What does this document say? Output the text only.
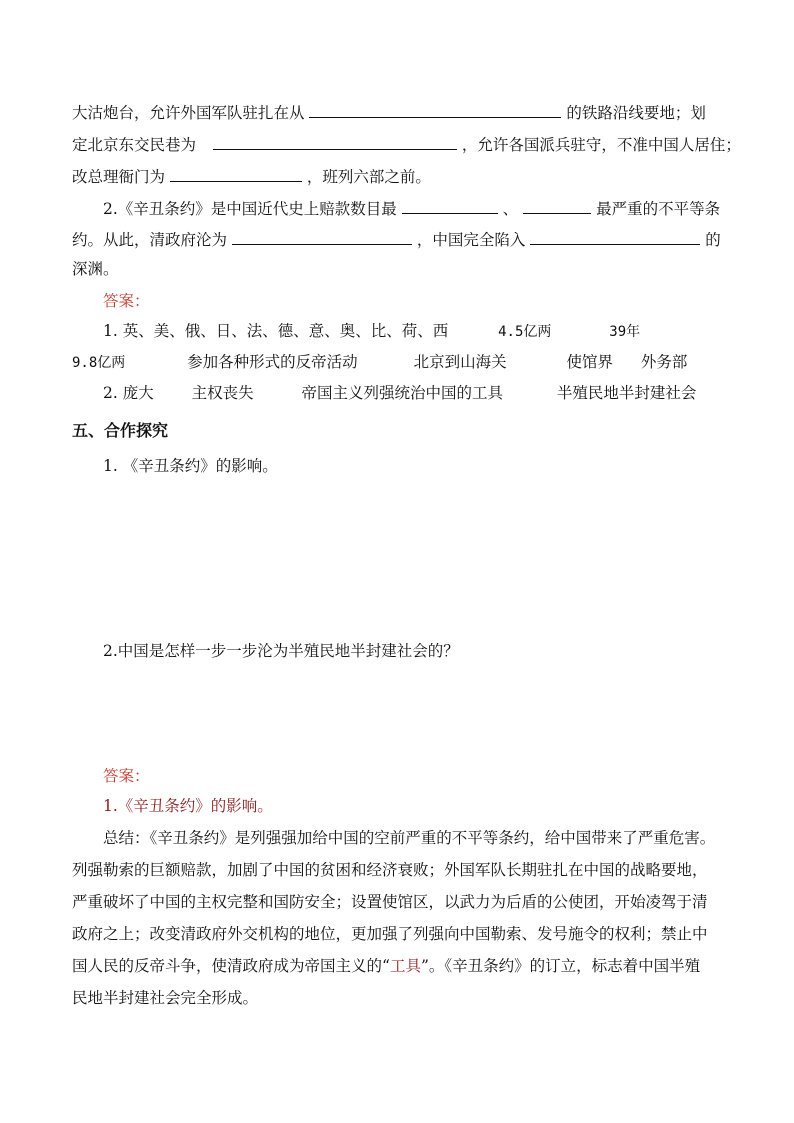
大沽炮台，允许外国军队驻扎在从	的铁路沿线要地；划
定北京东交民巷为	，允许各国派兵驻守，不准中国人居住；
改总理衙门为	，班列六部之前。
2.《辛丑条约》是中国近代史上赔款数目最	、	最严重的不平等条
约。从此，清政府沦为	，中国完全陷入	的
深渊。
答案：
1. 英、美、俄、日、法、德、意、奥、比、荷、西	4.5亿两	39年
9.8亿两	参加各种形式的反帝活动	北京到山海关	使馆界 外务部
2. 庞大 主权丧失	帝国主义列强统治中国的工具	半殖民地半封建社会
五、合作探究
1. 《辛丑条约》的影响。
2.中国是怎样一步一步沦为半殖民地半封建社会的？
答案：
1.《辛丑条约》的影响。
总结：《辛丑条约》是列强强加给中国的空前严重的不平等条约，给中国带来了严重危害。
列强勒索的巨额赔款，加剧了中国的贫困和经济衰败；外国军队长期驻扎在中国的战略要地，
严重破坏了中国的主权完整和国防安全；设置使馆区，以武力为后盾的公使团，开始凌驾于清
政府之上；改变清政府外交机构的地位，更加强了列强向中国勒索、发号施令的权利；禁止中
国人民的反帝斗争，使清政府成为帝国主义的“工具”。《辛丑条约》的订立，标志着中国半殖
民地半封建社会完全形成。
